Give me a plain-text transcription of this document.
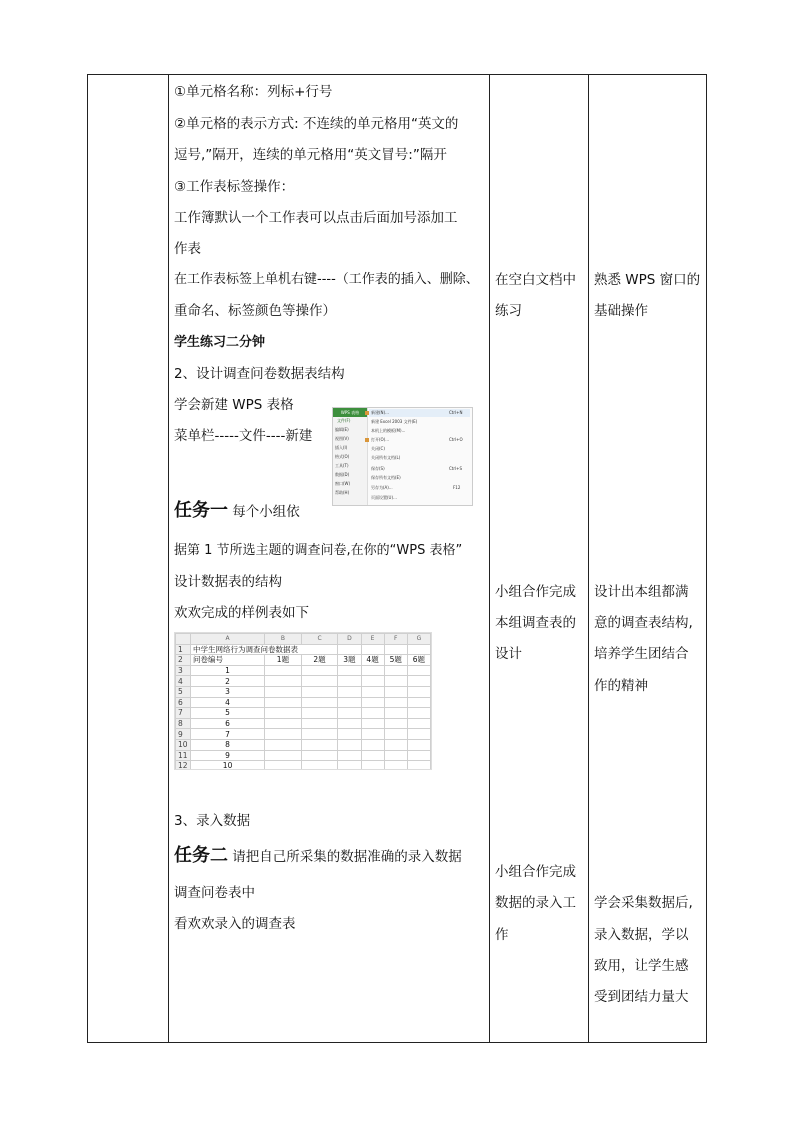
①单元格名称：列标+行号
②单元格的表示方式: 不连续的单元格用“英文的
逗号,”隔开，连续的单元格用“英文冒号:”隔开
③工作表标签操作：
工作簿默认一个工作表可以点击后面加号添加工
作表
在工作表标签上单机右键----（工作表的插入、删除、
重命名、标签颜色等操作）
学生练习二分钟
2、设计调查问卷数据表结构
学会新建 WPS 表格
菜单栏-----文件----新建
任务一 每个小组依
据第 1 节所选主题的调查问卷,在你的“WPS 表格”
设计数据表的结构
欢欢完成的样例表如下
3、录入数据
任务二 请把自己所采集的数据准确的录入数据
调查问卷表中
看欢欢录入的调查表
WPS 表格
文件(F)
编辑(E)
视图(V)
插入(I)
格式(O)
工具(T)
数据(D)
窗口(W)
帮助(H)
新建(N)...
新建 Excel 2003 文件(E)
本机上的模板(M)...
打开(O)...
关闭(C)
关闭所有文档(L)
保存(S)
保存所有文档(E)
另存为(A)...
页面设置(U)...
Ctrl+N
Ctrl+O
Ctrl+S
F12
	A	B	C	D	E	F	G
1	中学生网络行为调查问卷数据表						
2	问卷编号	1题	2题	3题	4题	5题	6题
3	1						
4	2						
5	3						
6	4						
7	5						
8	6						
9	7						
10	8						
11	9						
12	10						
在空白文档中
练习
小组合作完成
本组调查表的
设计
小组合作完成
数据的录入工
作
熟悉 WPS 窗口的
基础操作
设计出本组都满
意的调查表结构,
培养学生团结合
作的精神
学会采集数据后,
录入数据，学以
致用，让学生感
受到团结力量大
